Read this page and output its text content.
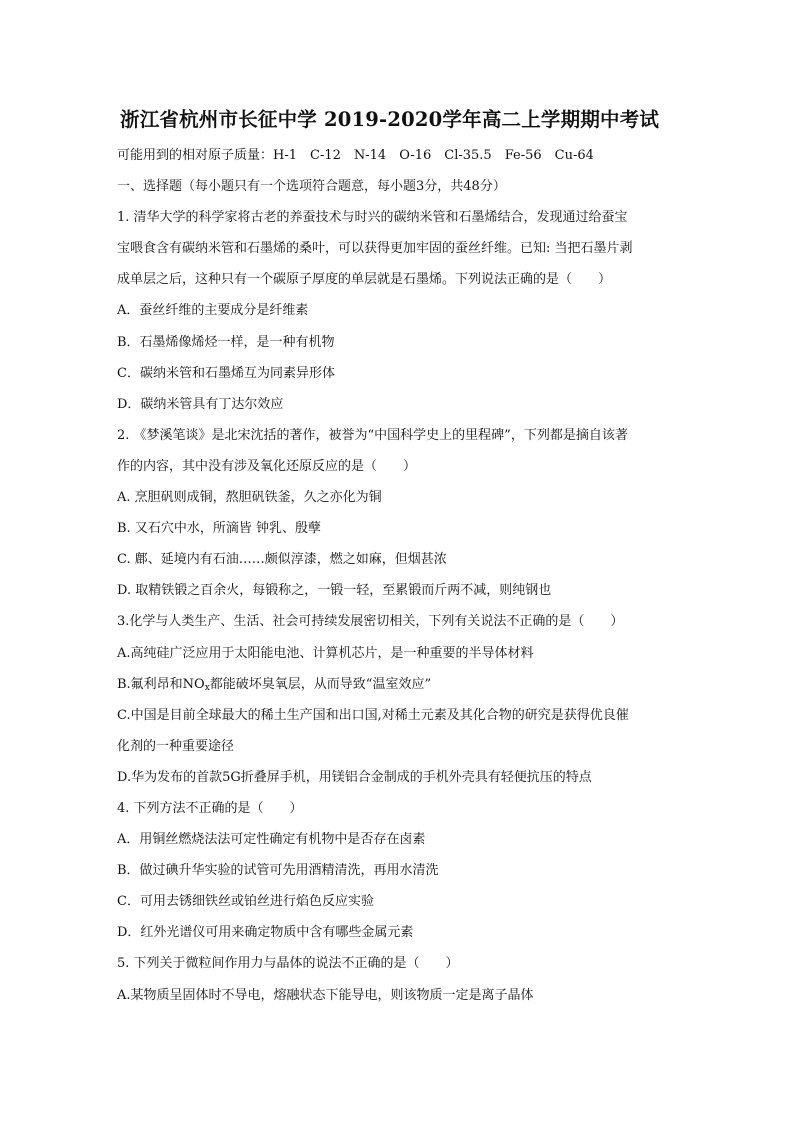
浙江省杭州市长征中学 2019-2020学年高二上学期期中考试
可能用到的相对原子质量：H-1　C-12　N-14　O-16　Cl-35.5　Fe-56　Cu-64
一、选择题（每小题只有一个选项符合题意，每小题3分，共48分）
1. 清华大学的科学家将古老的养蚕技术与时兴的碳纳米管和石墨烯结合，发现通过给蚕宝
宝喂食含有碳纳米管和石墨烯的桑叶，可以获得更加牢固的蚕丝纤维。已知: 当把石墨片剥
成单层之后，这种只有一个碳原子厚度的单层就是石墨烯。下列说法正确的是（　　）
A．蚕丝纤维的主要成分是纤维素
B．石墨烯像烯烃一样，是一种有机物
C．碳纳米管和石墨烯互为同素异形体
D．碳纳米管具有丁达尔效应
2. 《梦溪笔谈》是北宋沈括的著作，被誉为“中国科学史上的里程碑”，下列都是摘自该著
作的内容，其中没有涉及氧化还原反应的是（　　）
A. 烹胆矾则成铜，熬胆矾铁釜，久之亦化为铜
B. 又石穴中水，所滴皆 钟乳、殷孽
C. 鄜、延境内有石油……颇似淳漆，燃之如麻，但烟甚浓
D. 取精铁锻之百余火，每锻称之，一锻一轻，至累锻而斤两不减，则纯钢也
3.化学与人类生产、生活、社会可持续发展密切相关，下列有关说法不正确的是（　　）
A.高纯硅广泛应用于太阳能电池、计算机芯片，是一种重要的半导体材料
B.氟利昂和$NO_x$都能破坏臭氧层，从而导致“温室效应”
C.中国是目前全球最大的稀土生产国和出口国,对稀土元素及其化合物的研究是获得优良催
化剂的一种重要途径
D.华为发布的首款5G折叠屏手机，用镁铝合金制成的手机外壳具有轻便抗压的特点
4. 下列方法不正确的是（　　）
A．用铜丝燃烧法法可定性确定有机物中是否存在卤素
B．做过碘升华实验的试管可先用酒精清洗，再用水清洗
C．可用去锈细铁丝或铂丝进行焰色反应实验
D．红外光谱仪可用来确定物质中含有哪些金属元素
5. 下列关于微粒间作用力与晶体的说法不正确的是（　　）
A.某物质呈固体时不导电，熔融状态下能导电，则该物质一定是离子晶体
